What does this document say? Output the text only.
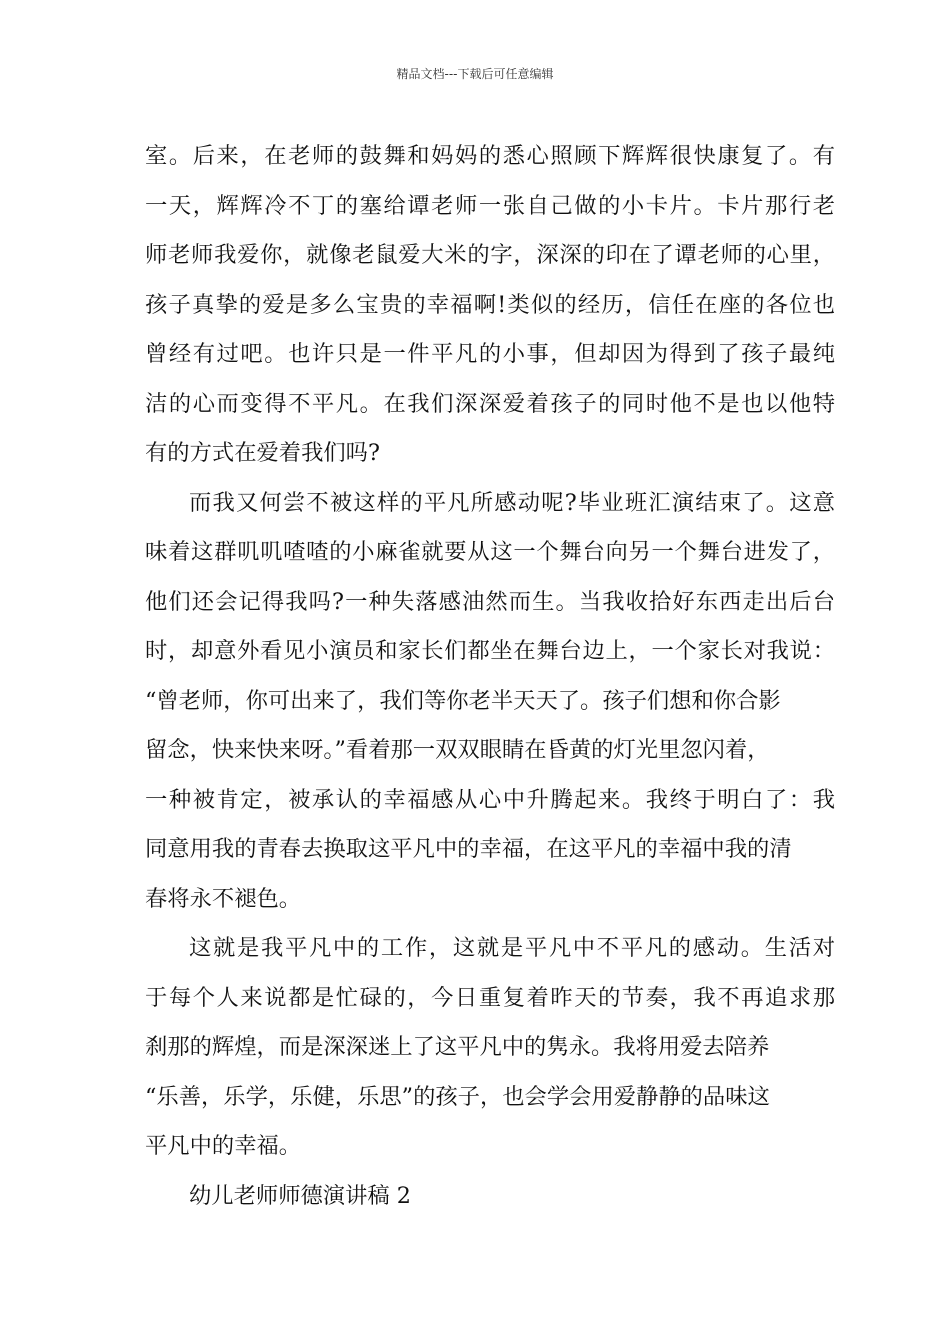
精品文档---下载后可任意编辑
室。后来，在老师的鼓舞和妈妈的悉心照顾下辉辉很快康复了。有
一天，辉辉冷不丁的塞给谭老师一张自己做的小卡片。卡片那行老
师老师我爱你，就像老鼠爱大米的字，深深的印在了谭老师的心里，
孩子真挚的爱是多么宝贵的幸福啊!类似的经历，信任在座的各位也
曾经有过吧。也许只是一件平凡的小事，但却因为得到了孩子最纯
洁的心而变得不平凡。在我们深深爱着孩子的同时他不是也以他特
有的方式在爱着我们吗?
而我又何尝不被这样的平凡所感动呢?毕业班汇演结束了。这意
味着这群叽叽喳喳的小麻雀就要从这一个舞台向另一个舞台进发了，
他们还会记得我吗?一种失落感油然而生。当我收拾好东西走出后台
时，却意外看见小演员和家长们都坐在舞台边上，一个家长对我说：
“曾老师，你可出来了，我们等你老半天天了。孩子们想和你合影
留念，快来快来呀。”看着那一双双眼睛在昏黄的灯光里忽闪着，
一种被肯定，被承认的幸福感从心中升腾起来。我终于明白了：我
同意用我的青春去换取这平凡中的幸福，在这平凡的幸福中我的清
春将永不褪色。
这就是我平凡中的工作，这就是平凡中不平凡的感动。生活对
于每个人来说都是忙碌的，今日重复着昨天的节奏，我不再追求那
刹那的辉煌，而是深深迷上了这平凡中的隽永。我将用爱去陪养
“乐善，乐学，乐健，乐思”的孩子，也会学会用爱静静的品味这
平凡中的幸福。
幼儿老师师德演讲稿 2
